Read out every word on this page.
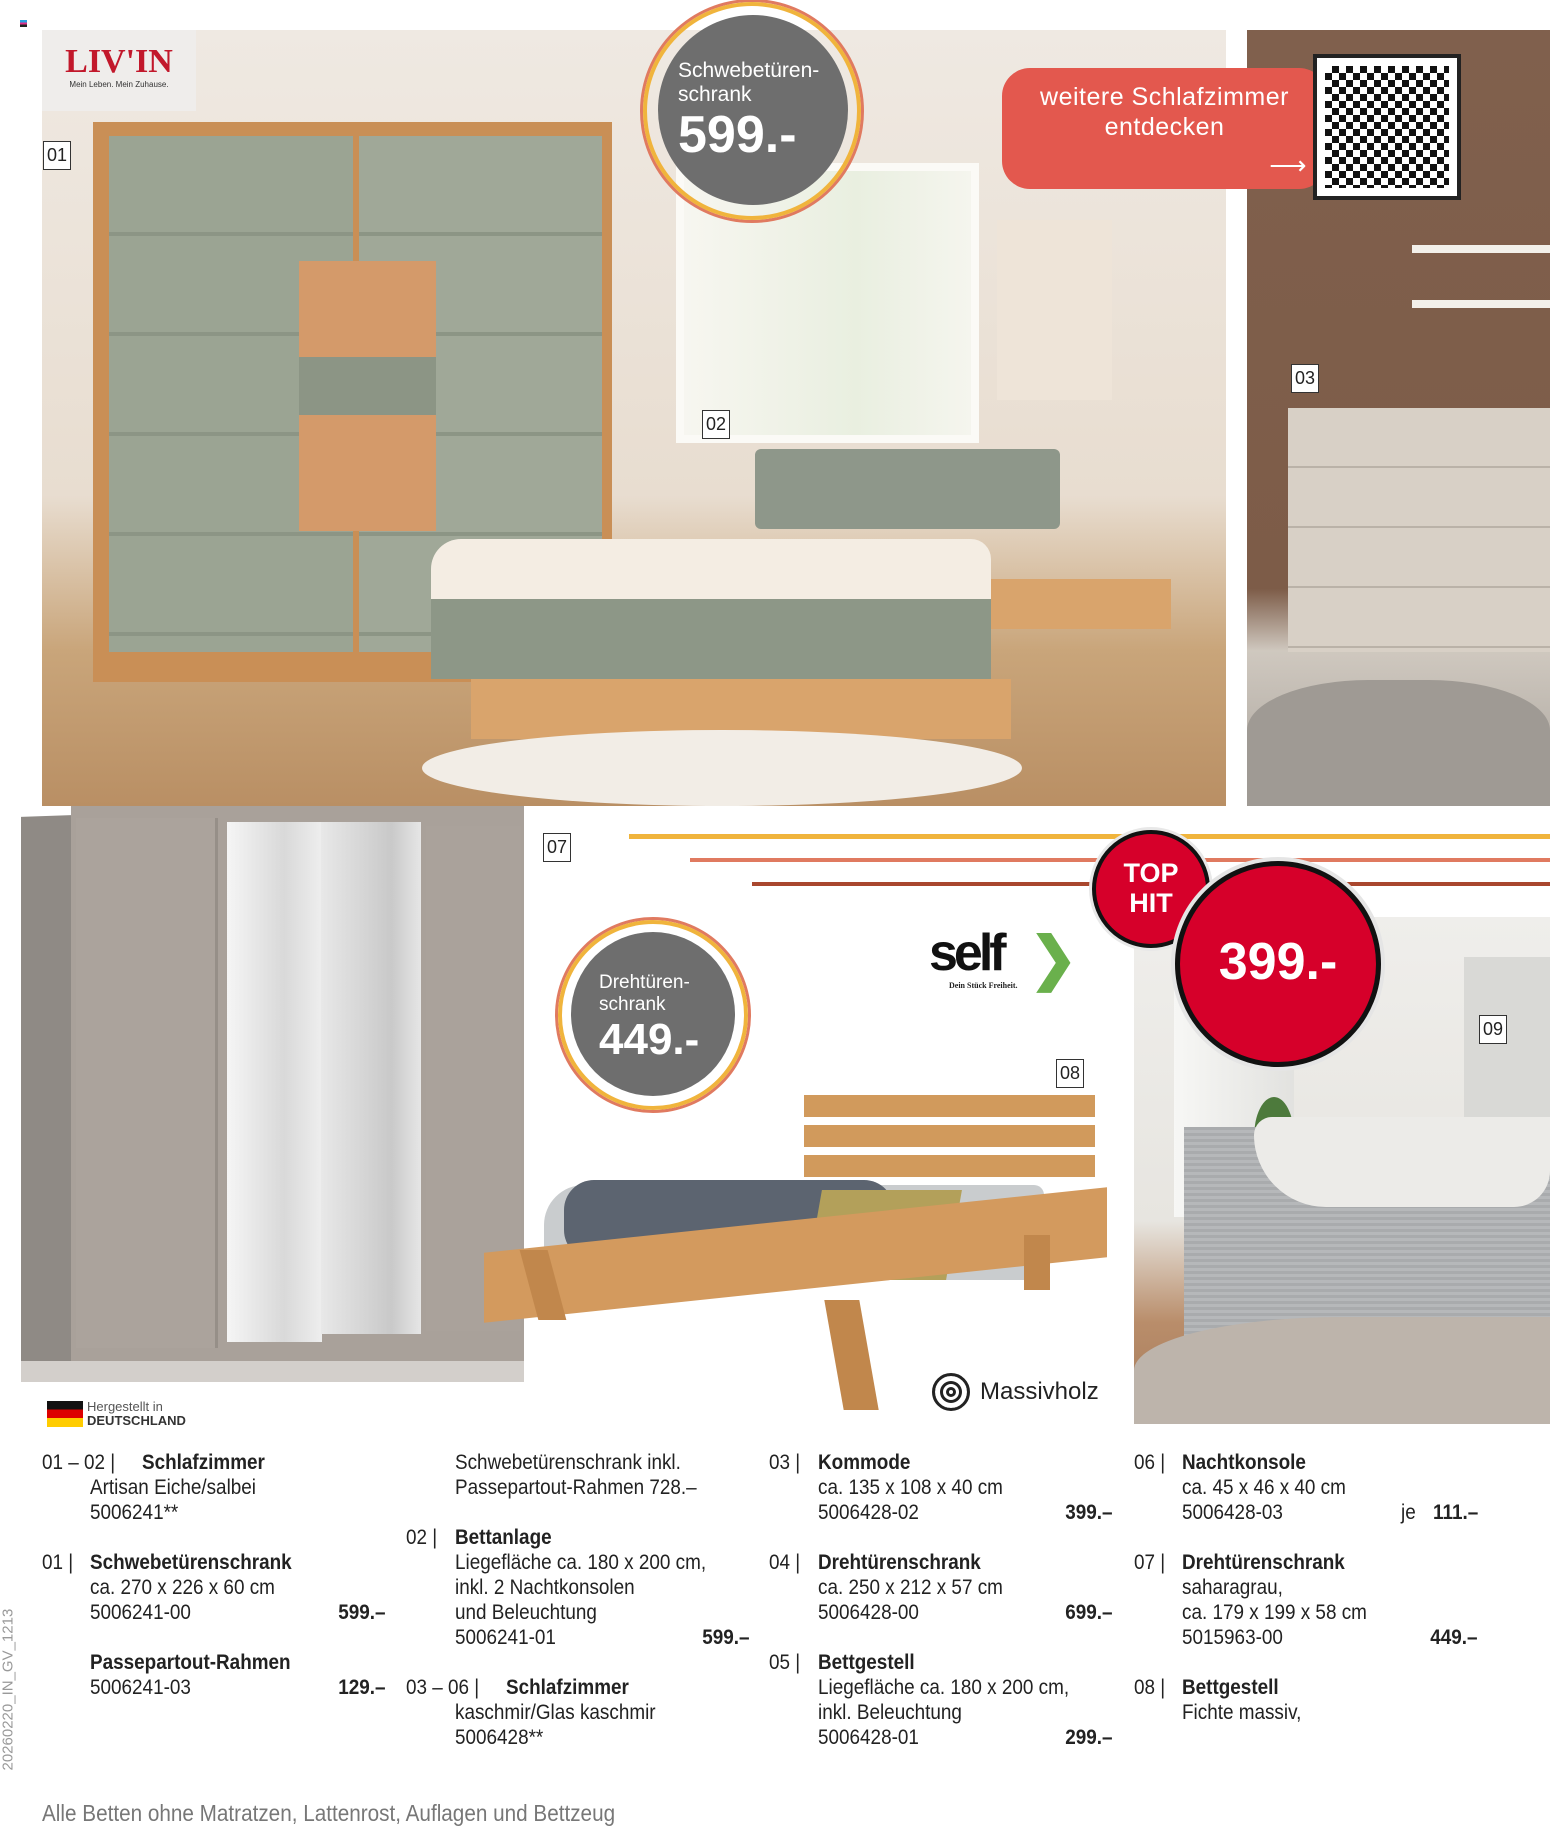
LIV'IN
Mein Leben. Mein Zuhause.
01
02
Schwebetüren-
schrank
599.-
03
weitere Schlafzimmer
entdecken
⟶
07
Drehtüren-
schrank
449.-
self ❯
Dein Stück Freiheit.
08
Massivholz
09
TOP
HIT
399.-
Hergestellt in
DEUTSCHLAND
01 – 02 | Schlafzimmer
Artisan Eiche/salbei
5006241**
01 | Schwebetürenschrank
ca. 270 x 226 x 60 cm
5006241-00	599.–
Passepartout-Rahmen
5006241-03	129.–
Schwebetürenschrank inkl.
Passepartout-Rahmen 728.–
02 | Bettanlage
Liegefläche ca. 180 x 200 cm,
inkl. 2 Nachtkonsolen
und Beleuchtung
5006241-01	599.–
03 – 06 | Schlafzimmer
kaschmir/Glas kaschmir
5006428**
03 | Kommode
ca. 135 x 108 x 40 cm
5006428-02	399.–
04 | Drehtürenschrank
ca. 250 x 212 x 57 cm
5006428-00	699.–
05 | Bettgestell
Liegefläche ca. 180 x 200 cm,
inkl. Beleuchtung
5006428-01	299.–
06 | Nachtkonsole
ca. 45 x 46 x 40 cm
5006428-03	je 111.–
07 | Drehtürenschrank
saharagrau,
ca. 179 x 199 x 58 cm
5015963-00	449.–
08 | Bettgestell
Fichte massiv,
Alle Betten ohne Matratzen, Lattenrost, Auflagen und Bettzeug
20260220_IN_GV_1213
